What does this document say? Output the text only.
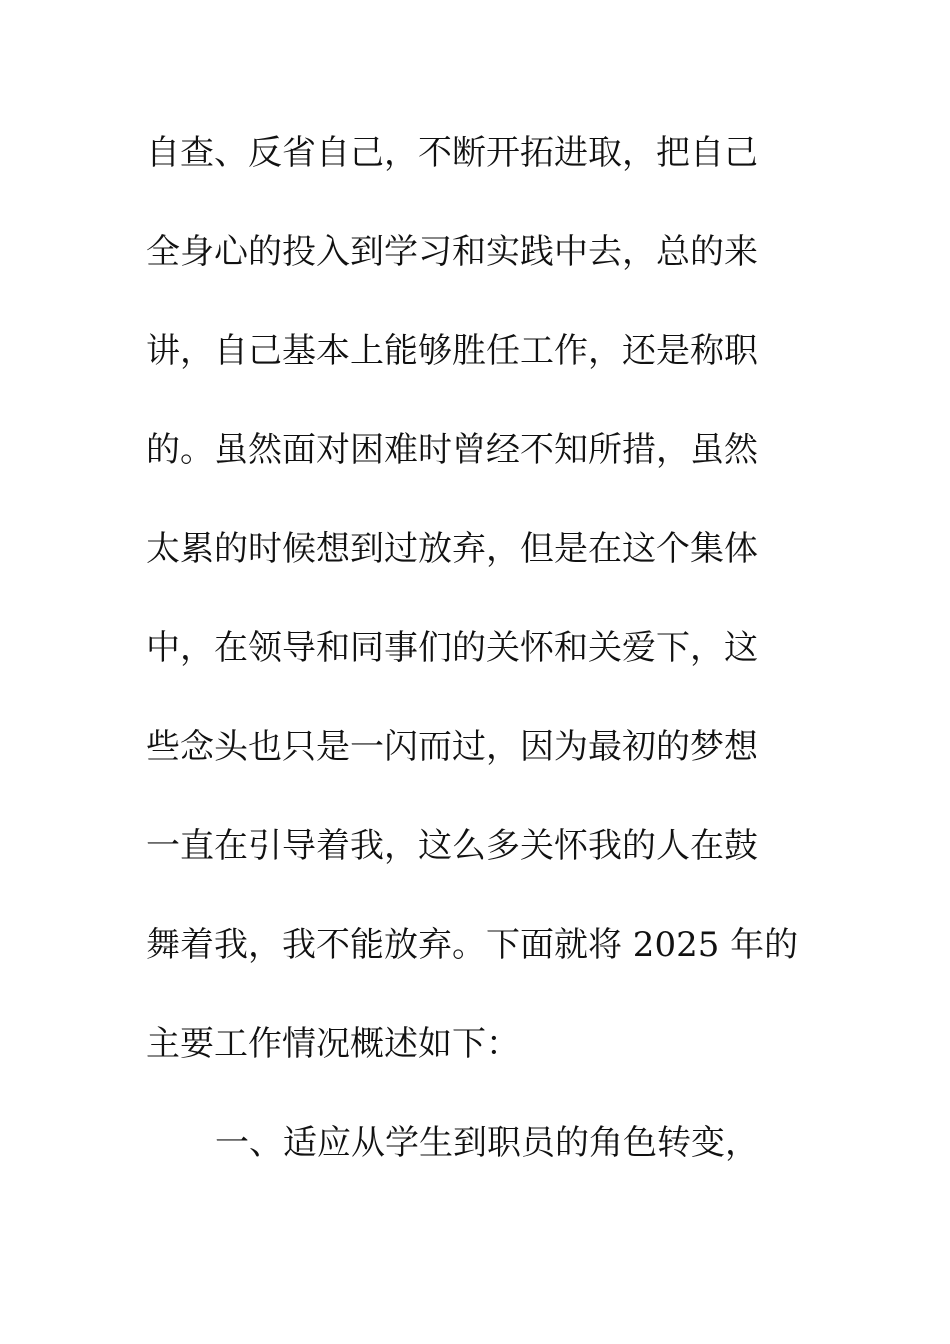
自查、反省自己，不断开拓进取，把自己
全身心的投入到学习和实践中去，总的来
讲，自己基本上能够胜任工作，还是称职
的。虽然面对困难时曾经不知所措，虽然
太累的时候想到过放弃，但是在这个集体
中，在领导和同事们的关怀和关爱下，这
些念头也只是一闪而过，因为最初的梦想
一直在引导着我，这么多关怀我的人在鼓
舞着我，我不能放弃。下面就将 2025 年的
主要工作情况概述如下：
一、适应从学生到职员的角色转变，
